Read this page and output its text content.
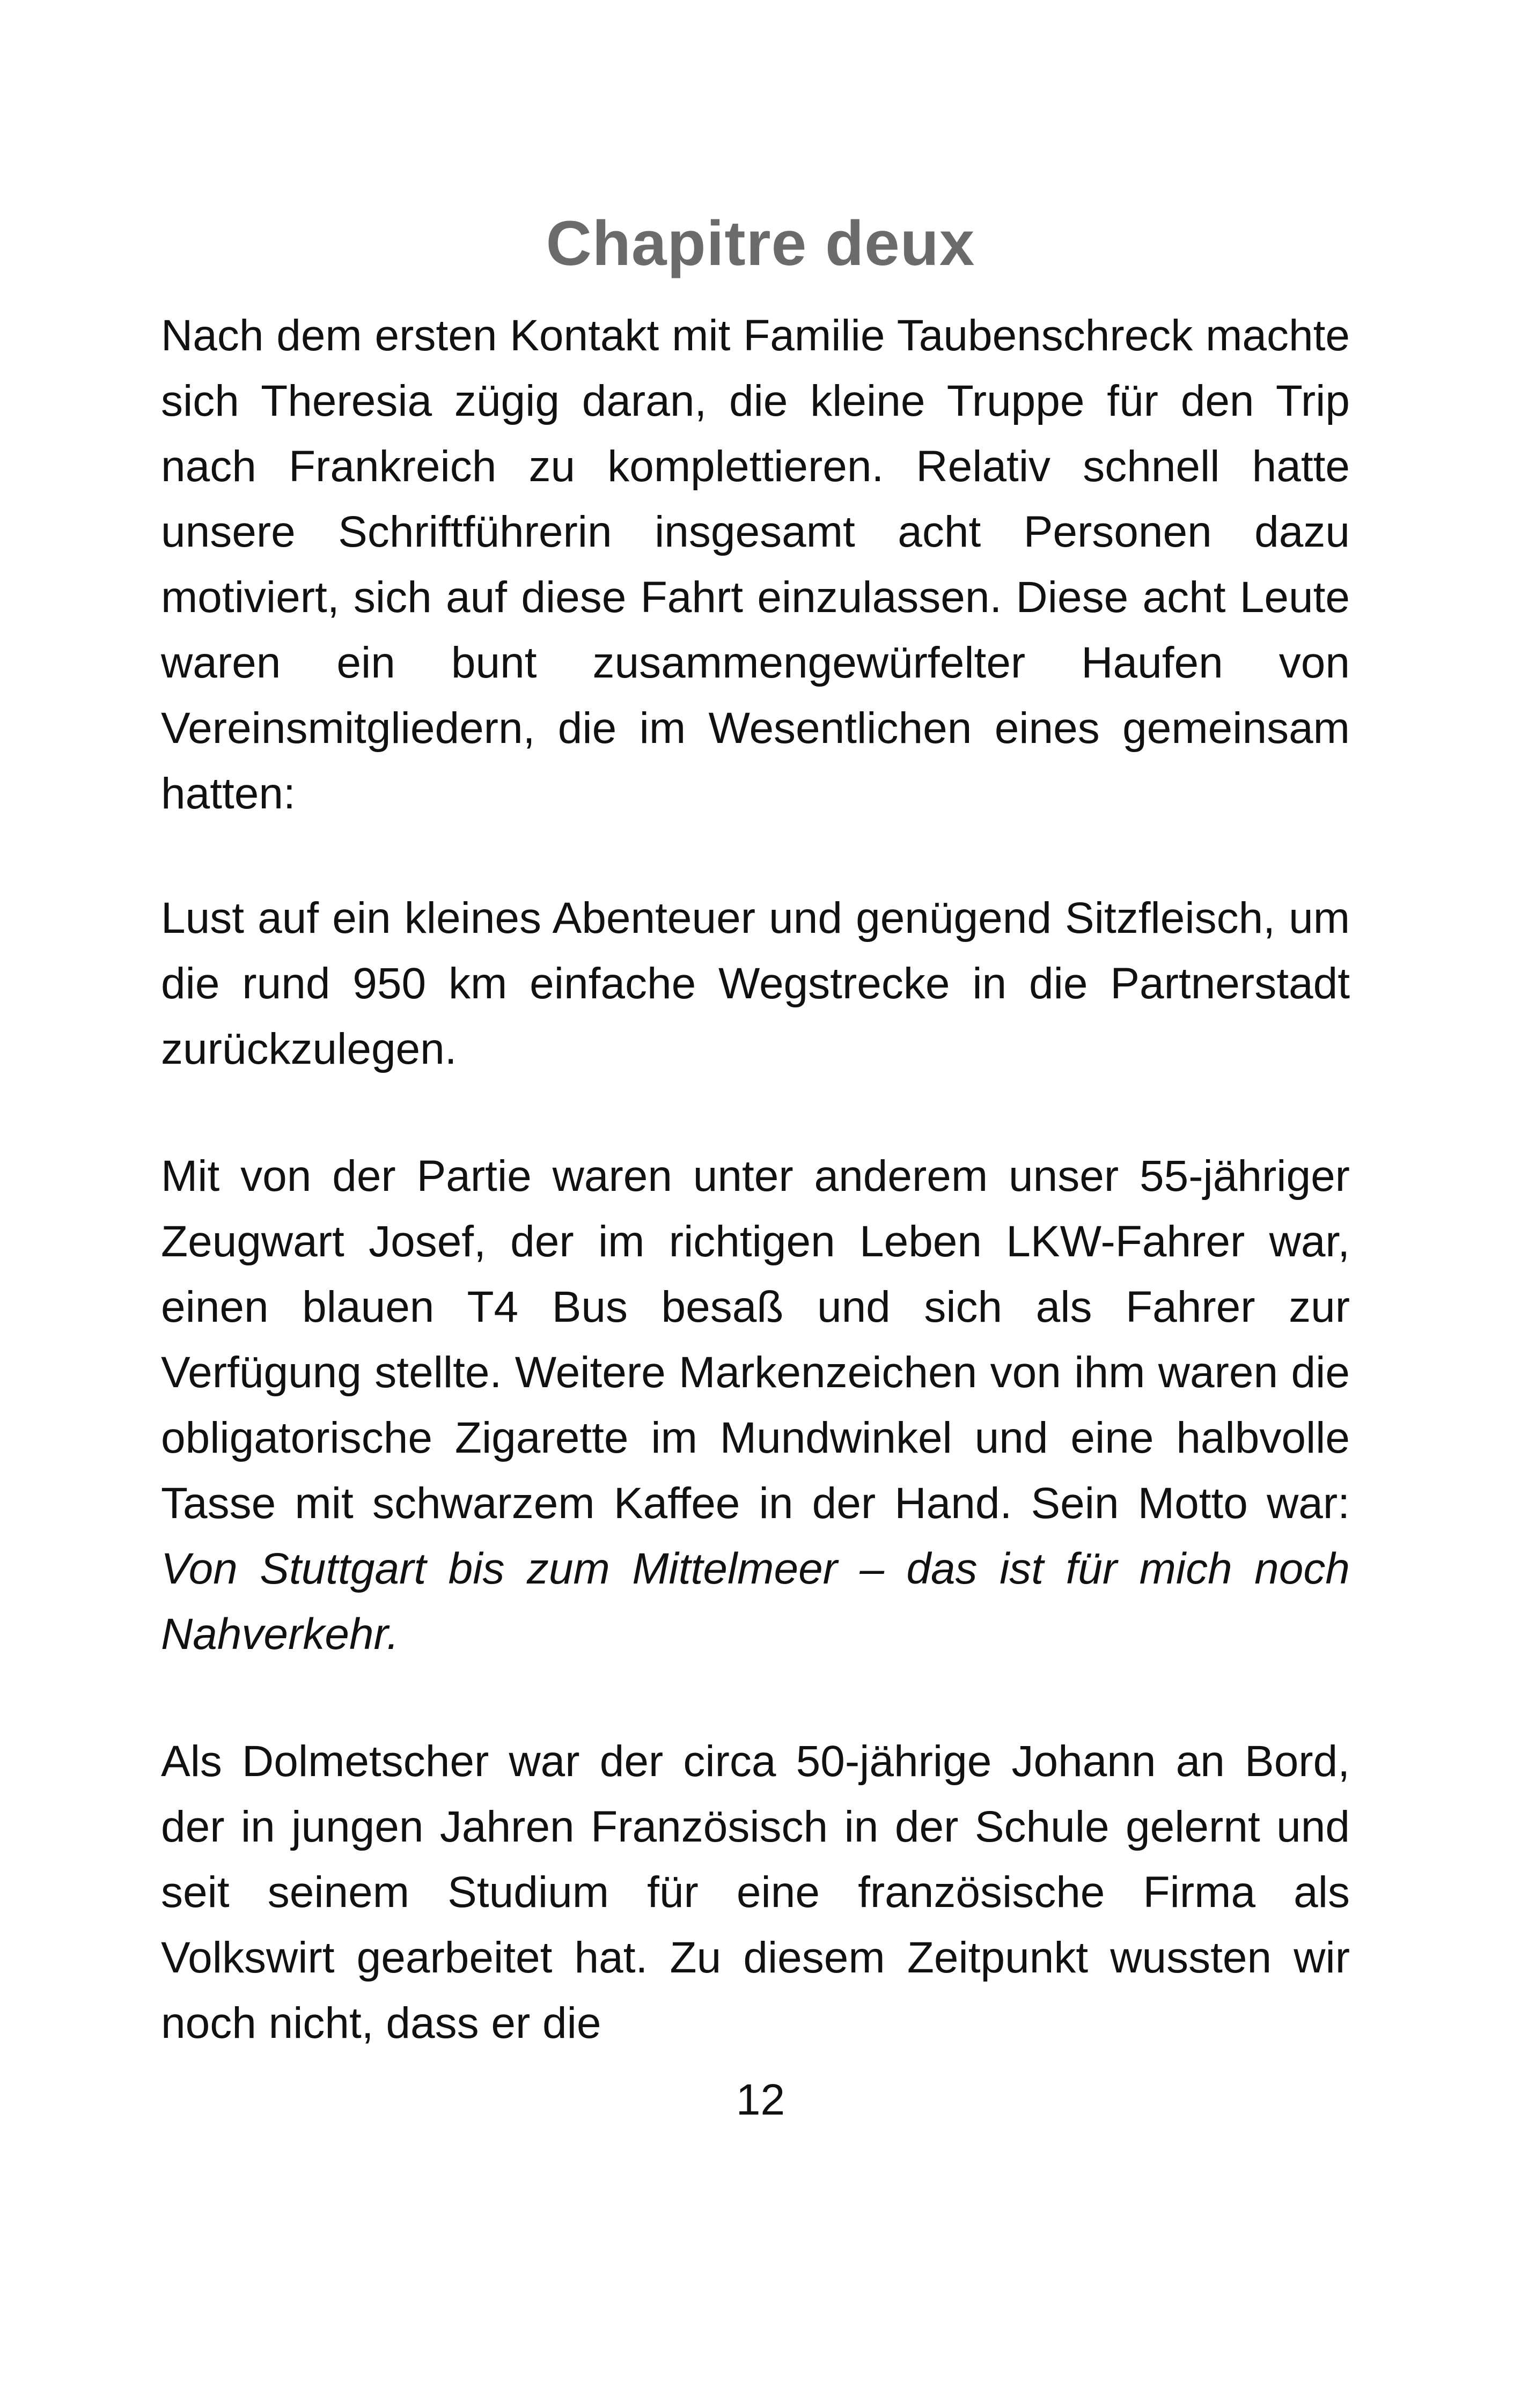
Chapitre deux

Nach dem ersten Kontakt mit Familie Taubenschreck machte sich Theresia zügig daran, die kleine Truppe für den Trip nach Frankreich zu komplettieren. Relativ schnell hatte unsere Schriftführerin insgesamt acht Personen dazu motiviert, sich auf diese Fahrt einzulassen. Diese acht Leute waren ein bunt zusammengewürfelter Haufen von Vereinsmitgliedern, die im Wesentlichen eines gemeinsam hatten:

Lust auf ein kleines Abenteuer und genügend Sitzfleisch, um die rund 950 km einfache Wegstrecke in die Partnerstadt zurückzulegen.

Mit von der Partie waren unter anderem unser 55-jähriger Zeugwart Josef, der im richtigen Leben LKW-Fahrer war, einen blauen T4 Bus besaß und sich als Fahrer zur Verfügung stellte. Weitere Markenzeichen von ihm waren die obligatorische Zigarette im Mundwinkel und eine halbvolle Tasse mit schwarzem Kaffee in der Hand. Sein Motto war: Von Stuttgart bis zum Mittelmeer – das ist für mich noch Nahverkehr.

Als Dolmetscher war der circa 50-jährige Johann an Bord, der in jungen Jahren Französisch in der Schule gelernt und seit seinem Studium für eine französische Firma als Volkswirt gearbeitet hat. Zu diesem Zeitpunkt wussten wir noch nicht, dass er die

12
